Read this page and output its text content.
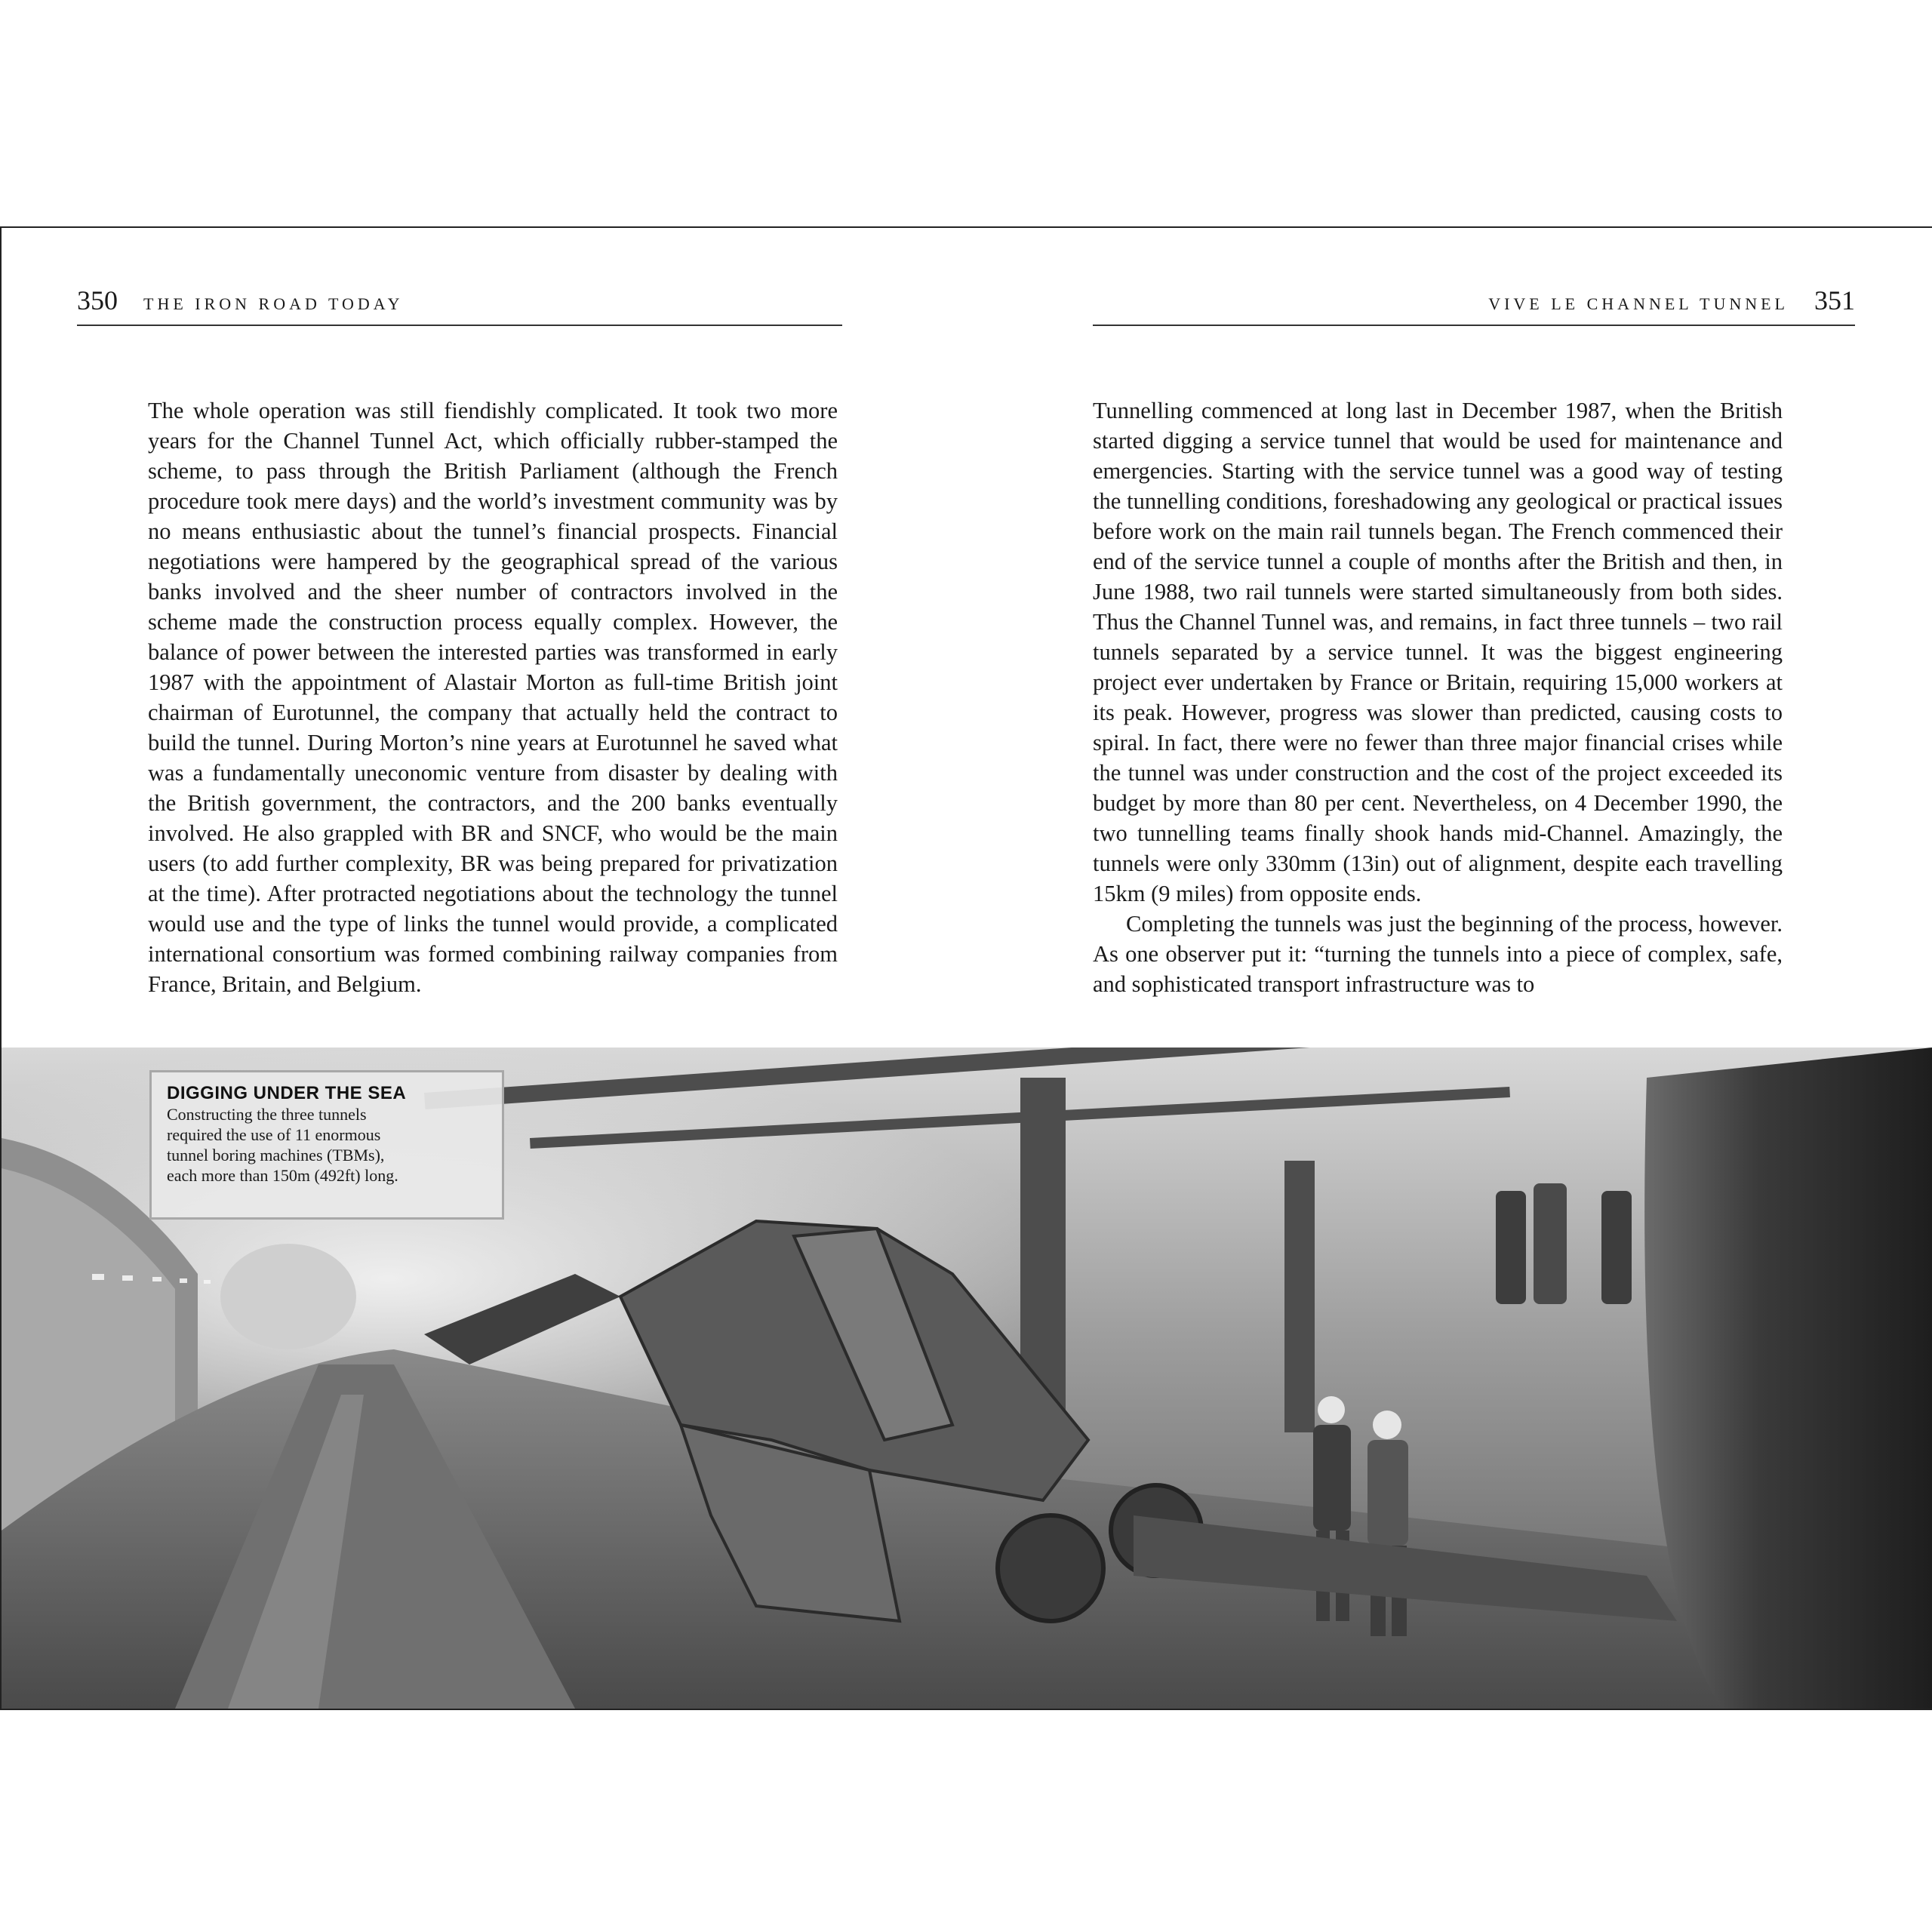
350 THE IRON ROAD TODAY	VIVE LE CHANNEL TUNNEL 351

The whole operation was still fiendishly complicated. It took two more years for the Channel Tunnel Act, which officially rubber-stamped the scheme, to pass through the British Parliament (although the French procedure took mere days) and the world’s investment community was by no means enthusiastic about the tunnel’s financial prospects. Financial negotiations were hampered by the geographical spread of the various banks involved and the sheer number of contractors involved in the scheme made the construction process equally complex. However, the balance of power between the interested parties was transformed in early 1987 with the appointment of Alastair Morton as full-time British joint chairman of Eurotunnel, the company that actually held the contract to build the tunnel. During Morton’s nine years at Eurotunnel he saved what was a fundamentally uneconomic venture from disaster by dealing with the British government, the contractors, and the 200 banks eventually involved. He also grappled with BR and SNCF, who would be the main users (to add further complexity, BR was being prepared for privatization at the time). After protracted negotiations about the technology the tunnel would use and the type of links the tunnel would provide, a complicated international consortium was formed combining railway companies from France, Britain, and Belgium.

Tunnelling commenced at long last in December 1987, when the British started digging a service tunnel that would be used for maintenance and emergencies. Starting with the service tunnel was a good way of testing the tunnelling conditions, foreshadowing any geological or practical issues before work on the main rail tunnels began. The French commenced their end of the service tunnel a couple of months after the British and then, in June 1988, two rail tunnels were started simultaneously from both sides. Thus the Channel Tunnel was, and remains, in fact three tunnels – two rail tunnels separated by a service tunnel. It was the biggest engineering project ever undertaken by France or Britain, requiring 15,000 workers at its peak. However, progress was slower than predicted, causing costs to spiral. In fact, there were no fewer than three major financial crises while the tunnel was under construction and the cost of the project exceeded its budget by more than 80 per cent. Nevertheless, on 4 December 1990, the two tunnelling teams finally shook hands mid-Channel. Amazingly, the tunnels were only 330mm (13in) out of alignment, despite each travelling 15km (9 miles) from opposite ends.

Completing the tunnels was just the beginning of the process, however. As one observer put it: “turning the tunnels into a piece of complex, safe, and sophisticated transport infrastructure was to

DIGGING UNDER THE SEA
Constructing the three tunnels
required the use of 11 enormous
tunnel boring machines (TBMs),
each more than 150m (492ft) long.
